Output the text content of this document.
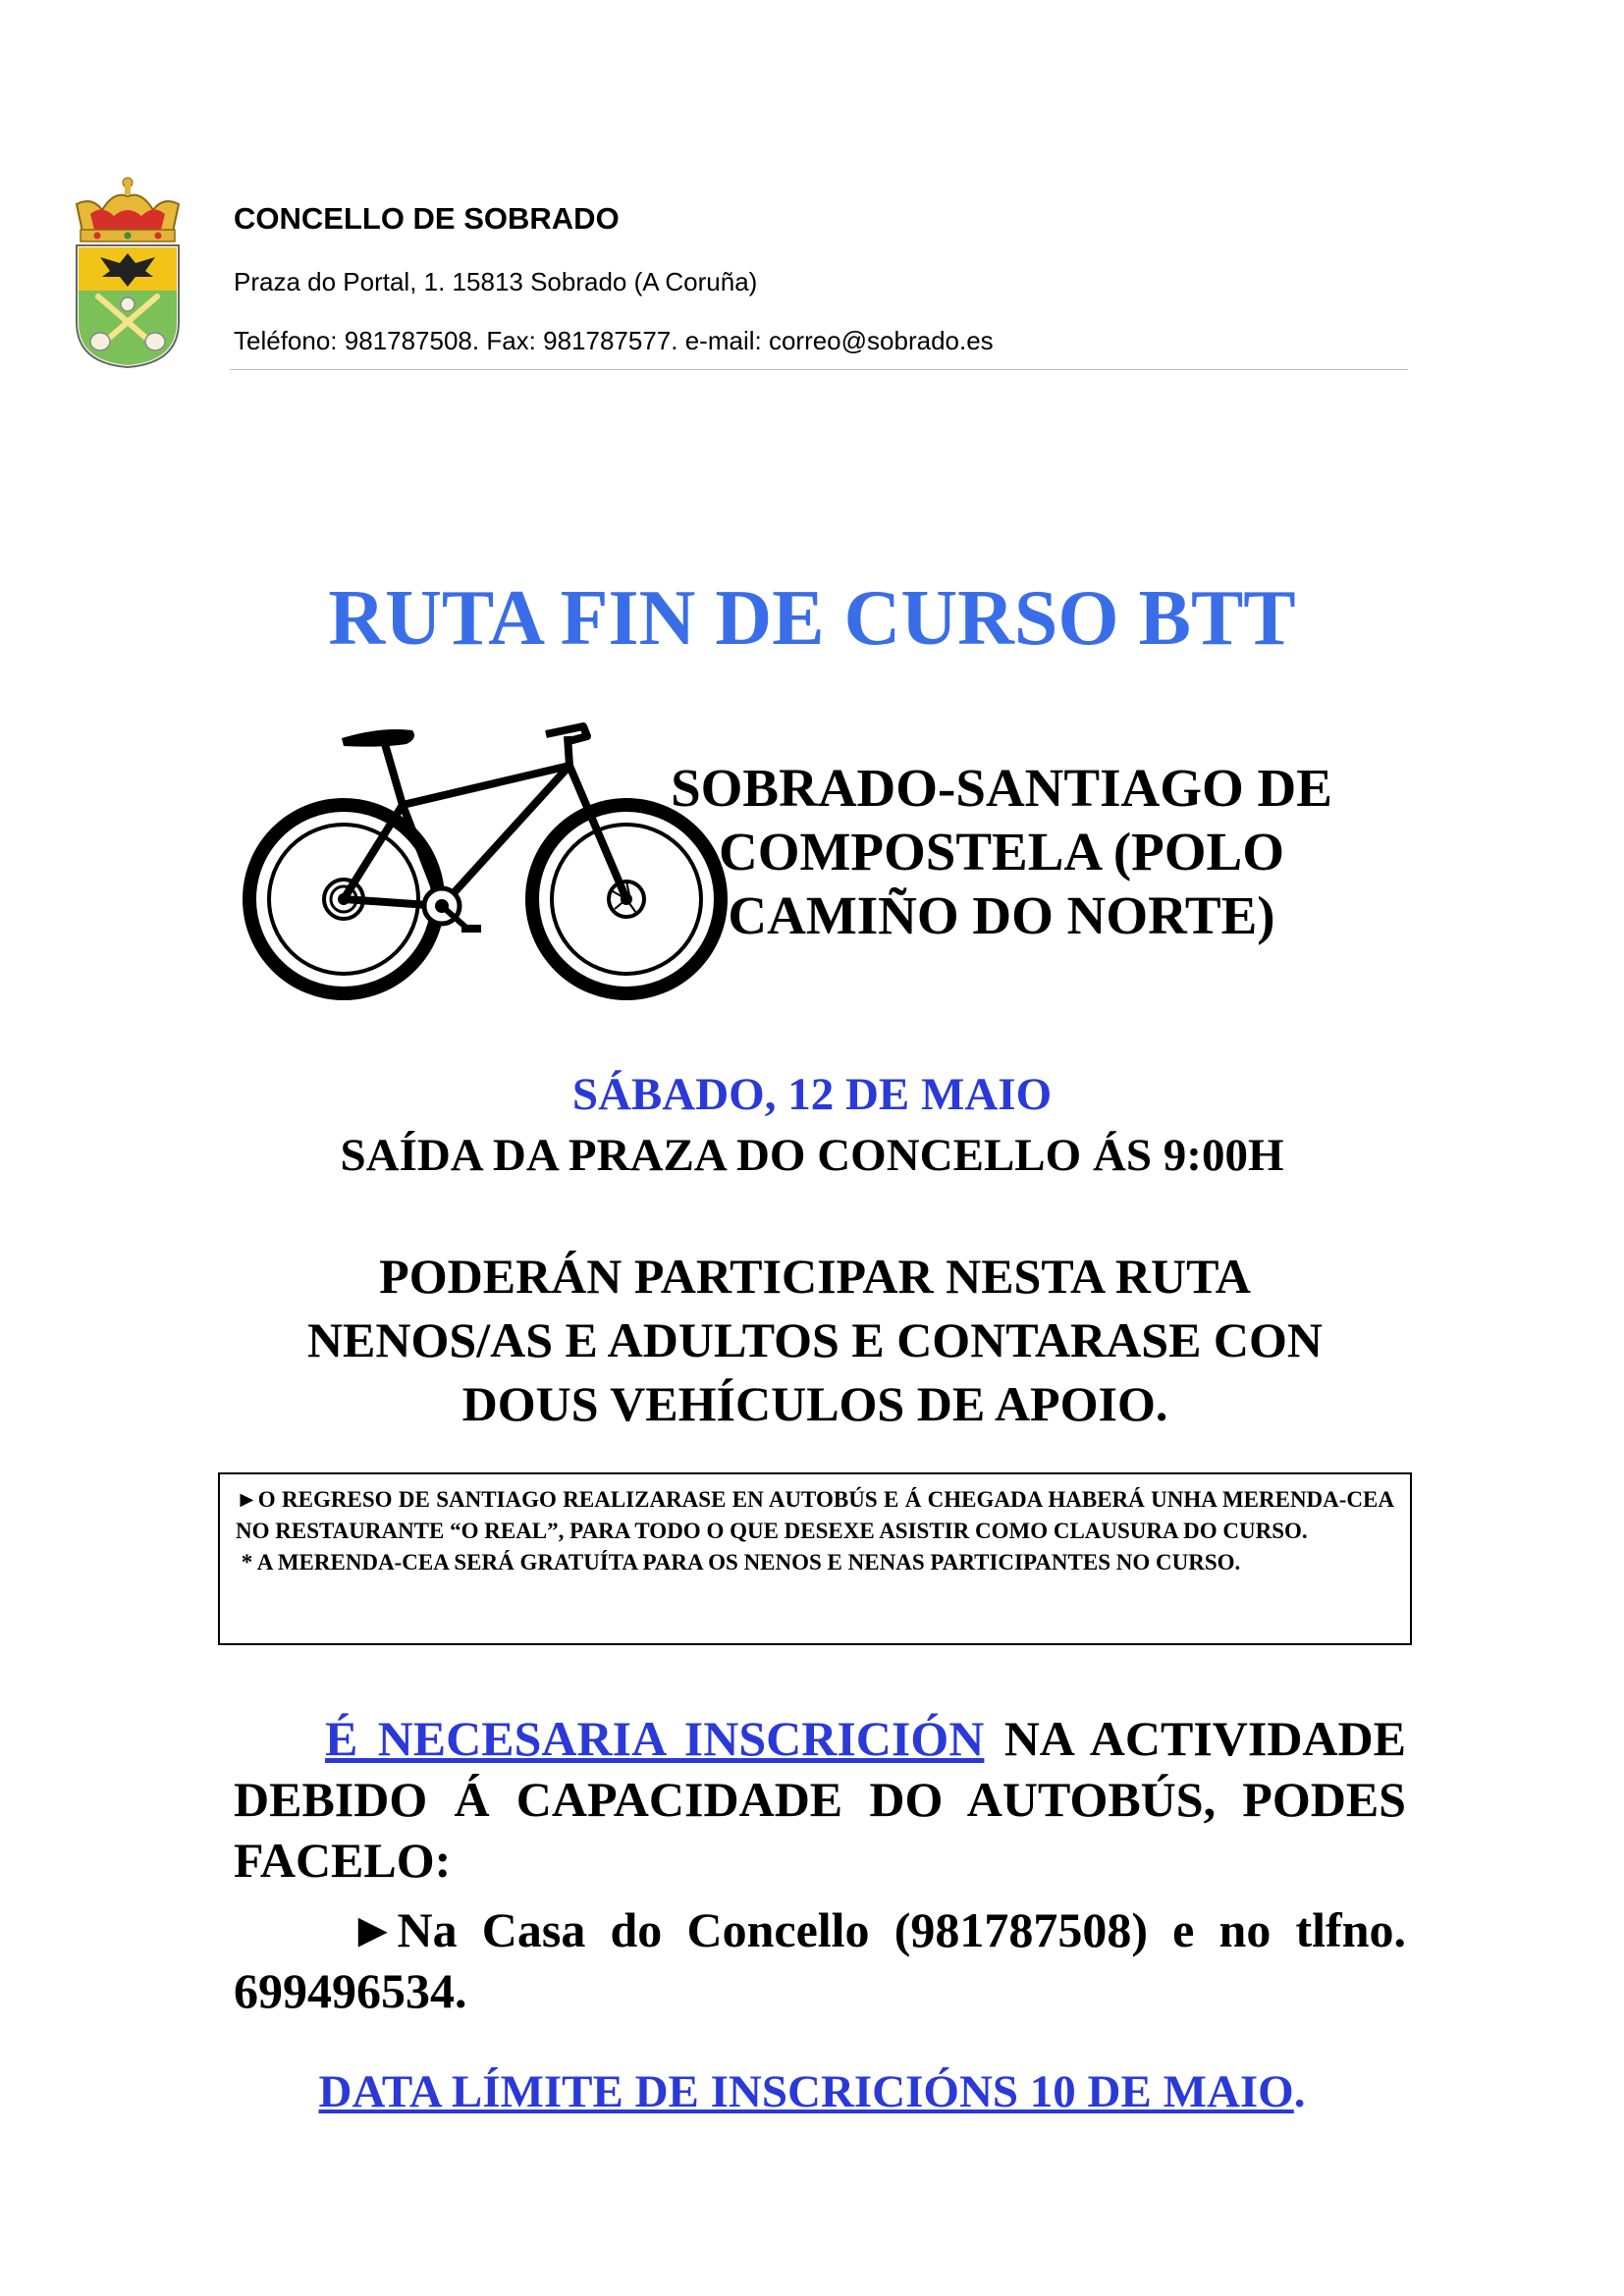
CONCELLO DE SOBRADO
Praza do Portal, 1. 15813 Sobrado (A Coruña)
Teléfono: 981787508. Fax: 981787577. e-mail: correo@sobrado.es
RUTA FIN DE CURSO BTT
SOBRADO-SANTIAGO DE
COMPOSTELA (POLO
CAMIÑO DO NORTE)
SÁBADO, 12 DE MAIO
SAÍDA DA PRAZA DO CONCELLO ÁS 9:00H
PODERÁN PARTICIPAR NESTA RUTA
NENOS/AS E ADULTOS E CONTARASE CON
DOUS VEHÍCULOS DE APOIO.

►O REGRESO DE SANTIAGO REALIZARASE EN AUTOBÚS E Á CHEGADA HABERÁ UNHA MERENDA-CEA NO RESTAURANTE “O REAL”, PARA TODO O QUE DESEXE ASISTIR COMO CLAUSURA DO CURSO.

* A MERENDA-CEA SERÁ GRATUÍTA PARA OS NENOS E NENAS PARTICIPANTES NO CURSO.

É NECESARIA INSCRICIÓN NA ACTIVIDADE DEBIDO Á CAPACIDADE DO AUTOBÚS, PODES FACELO:

►Na Casa do Concello (981787508) e no tlfno. 699496534.
DATA LÍMITE DE INSCRICIÓNS 10 DE MAIO.
